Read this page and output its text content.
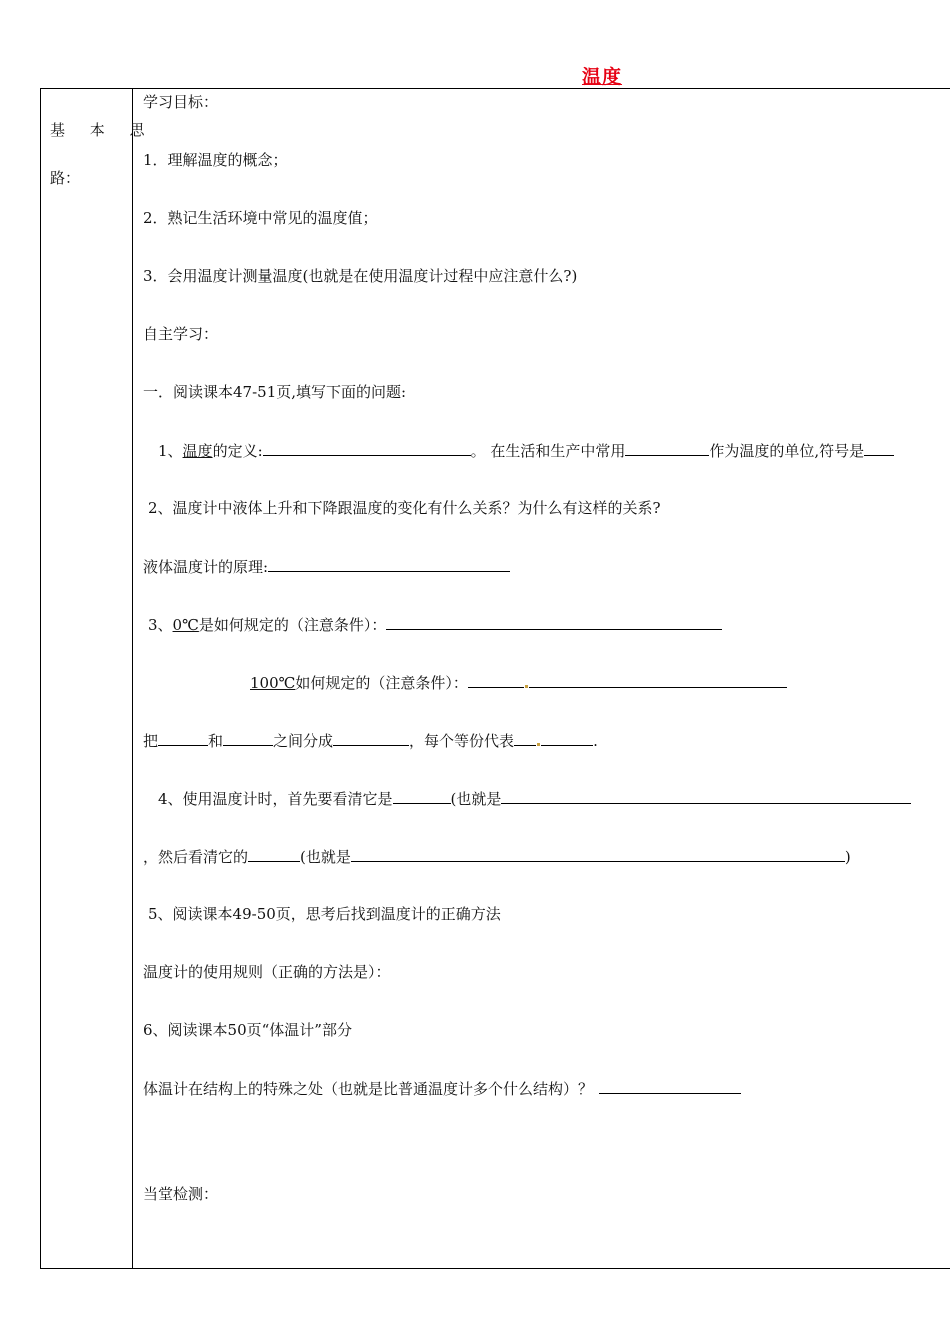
温度
基 本 思
路：
学习目标：
1．理解温度的概念；
2．熟记生活环境中常见的温度值；
3．会用温度计测量温度(也就是在使用温度计过程中应注意什么?)
自主学习：
一．阅读课本47-51页,填写下面的问题:
1、温度的定义:	。 在生活和生产中常用	作为温度的单位,符号是
2、温度计中液体上升和下降跟温度的变化有什么关系？为什么有这样的关系?
液体温度计的原理:
3、0℃是如何规定的（注意条件）：
100℃如何规定的（注意条件）：
把	和	之间分成	，每个等份代表	.
4、使用温度计时，首先要看清它是	(也就是
，然后看清它的	(也就是	)
5、阅读课本49-50页，思考后找到温度计的正确方法
温度计的使用规则（正确的方法是）：
6、阅读课本50页“体温计”部分
体温计在结构上的特殊之处（也就是比普通温度计多个什么结构）？
当堂检测：
